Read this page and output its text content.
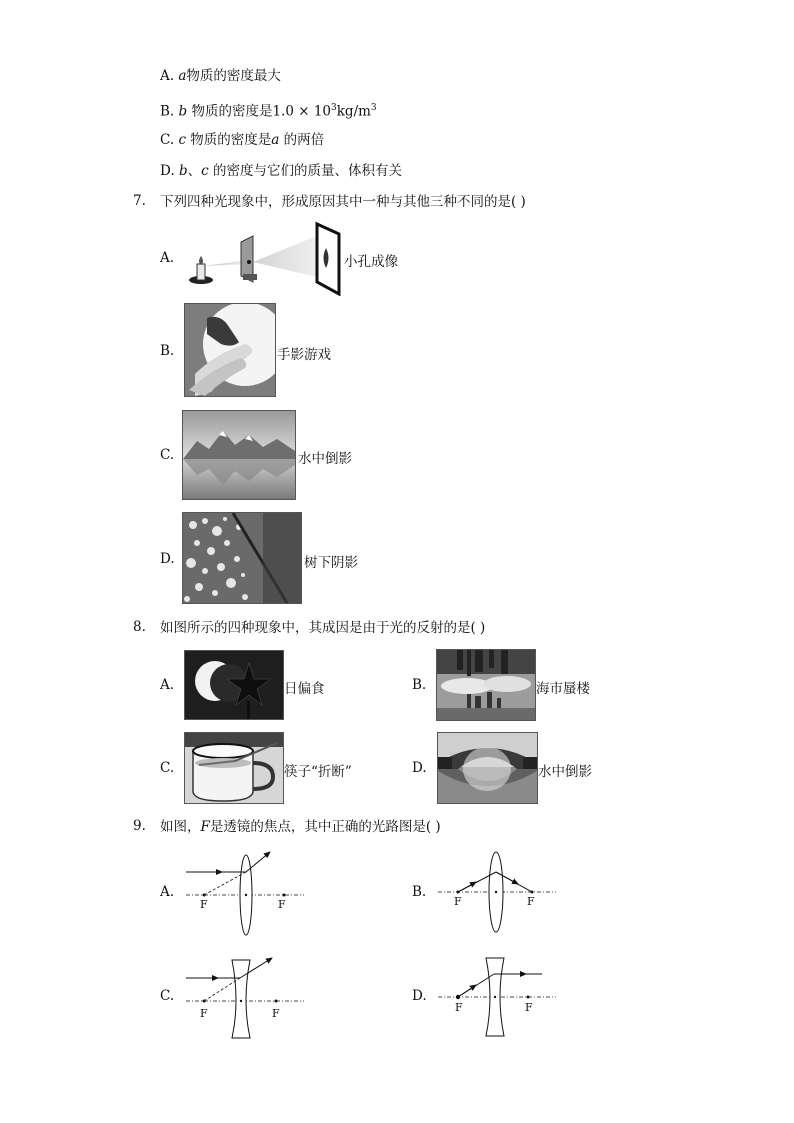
A. a物质的密度最大
B. b 物质的密度是$1.0 \times 10^3kg/m^3$
C. c 物质的密度是a 的两倍
D. b、c 的密度与它们的质量、体积有关
7. 下列四种光现象中，形成原因其中一种与其他三种不同的是( )
A.	小孔成像
B.	手影游戏
C.	水中倒影
D.	树下阴影
8. 如图所示的四种现象中，其成因是由于光的反射的是( )
A.	日偏食	B.	海市蜃楼
C.	筷子“折断”	D.	水中倒影
9. 如图，F是透镜的焦点，其中正确的光路图是( )
A.
F	F
B.
F	F
C.
F	F
D.
F	F
